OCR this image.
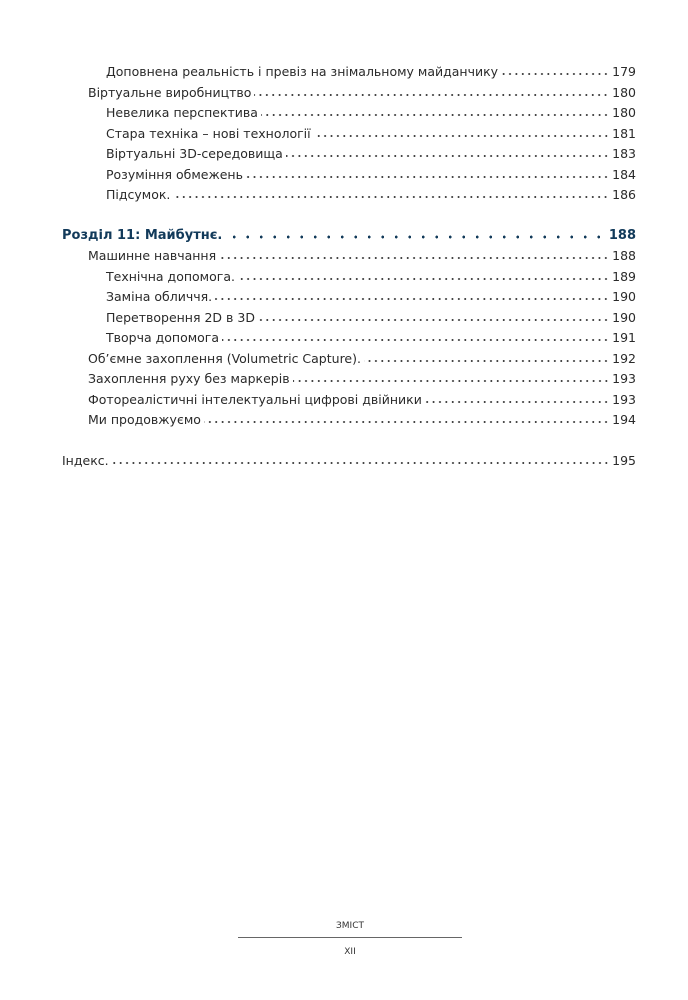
Доповнена реальність і превіз на знімальному майданчику	179
Віртуальне виробництво	180
Невелика перспектива	180
Стара техніка – нові технології	181
Віртуальні 3D-середовища	183
Розуміння обмежень	184
Підсумок.	186
Розділ 11: Майбутнє.	188
Машинне навчання	188
Технічна допомога.	189
Заміна обличчя.	190
Перетворення 2D в 3D	190
Творча допомога	191
Об’ємне захоплення (Volumetric Capture).	192
Захоплення руху без маркерів	193
Фотореалістичні інтелектуальні цифрові двійники	193
Ми продовжуємо	194
Індекс.	195
ЗМІСТ
XII
